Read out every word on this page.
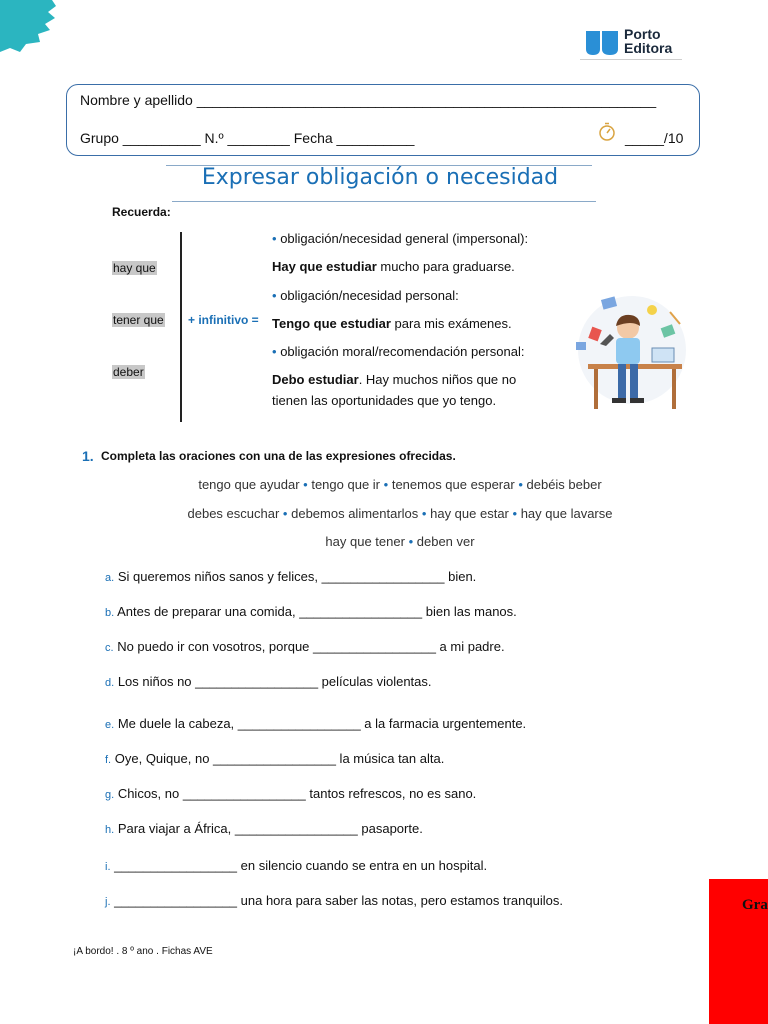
Porto
Editora
Nombre y apellido ___________________________________________________________
Grupo __________ N.º ________ Fecha __________	_____/10
Expresar obligación o necesidad
Recuerda:
hay que
tener que
deber
+ infinitivo =
• obligación/necesidad general (impersonal):
Hay que estudiar mucho para graduarse.
• obligación/necesidad personal:
Tengo que estudiar para mis exámenes.
• obligación moral/recomendación personal:
Debo estudiar. Hay muchos niños que no
tienen las oportunidades que yo tengo.
1. Completa las oraciones con una de las expresiones ofrecidas.
tengo que ayudar • tengo que ir • tenemos que esperar • debéis beber
debes escuchar • debemos alimentarlos • hay que estar • hay que lavarse
hay que tener • deben ver
a. Si queremos niños sanos y felices, _________________ bien.
b. Antes de preparar una comida, _________________ bien las manos.
c. No puedo ir con vosotros, porque _________________ a mi padre.
d. Los niños no _________________ películas violentas.
e. Me duele la cabeza, _________________ a la farmacia urgentemente.
f. Oye, Quique, no _________________ la música tan alta.
g. Chicos, no _________________ tantos refrescos, no es sano.
h. Para viajar a África, _________________ pasaporte.
i. _________________ en silencio cuando se entra en un hospital.
j. _________________ una hora para saber las notas, pero estamos tranquilos.
¡A bordo! . 8 º ano . Fichas AVE
Gra
